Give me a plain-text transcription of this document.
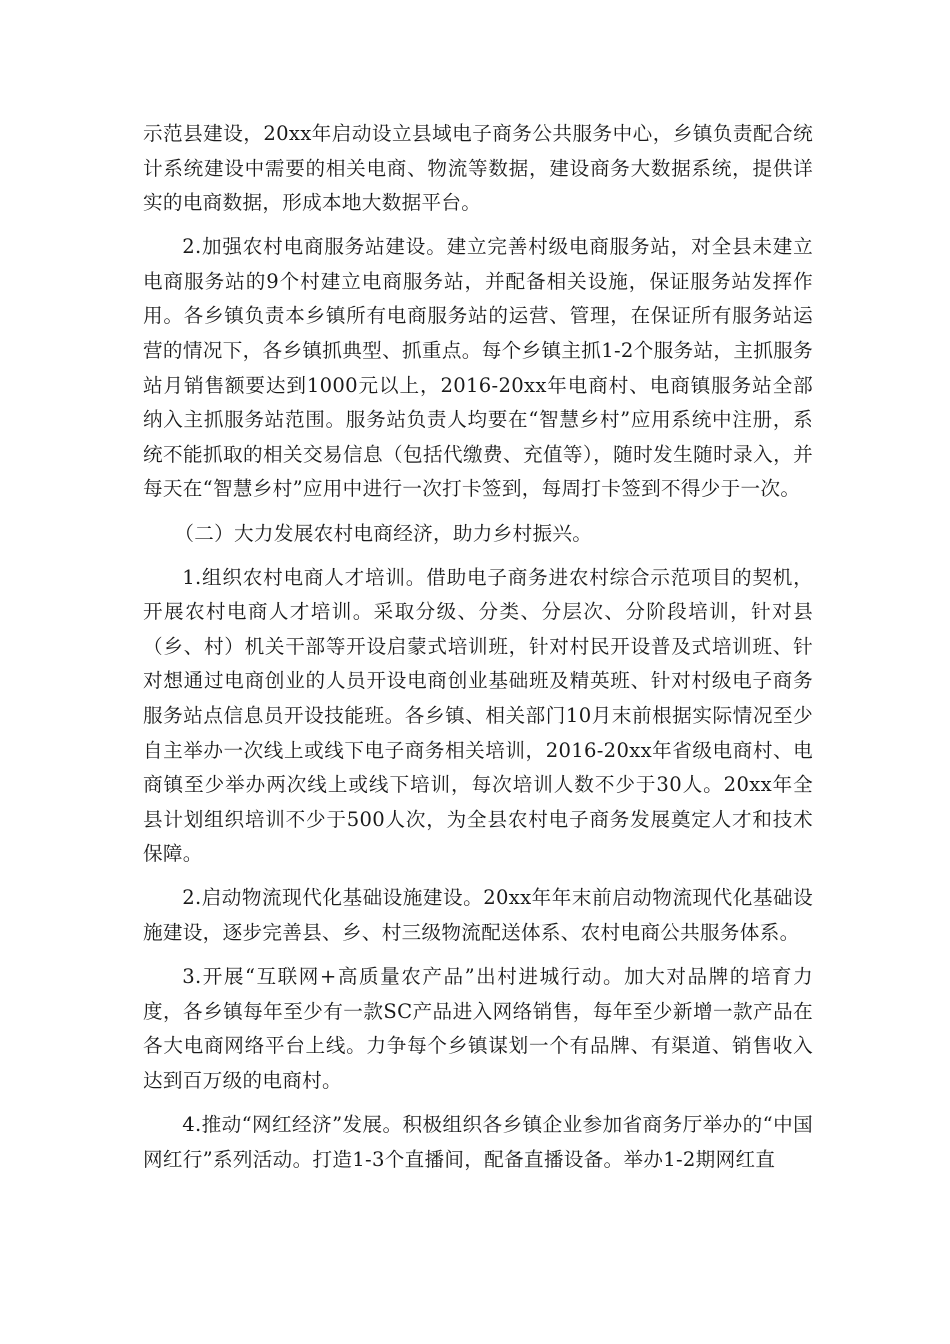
示范县建设，20xx年启动设立县域电子商务公共服务中心，乡镇负责配合统计系统建设中需要的相关电商、物流等数据，建设商务大数据系统，提供详实的电商数据，形成本地大数据平台。

2.加强农村电商服务站建设。建立完善村级电商服务站，对全县未建立电商服务站的9个村建立电商服务站，并配备相关设施，保证服务站发挥作用。各乡镇负责本乡镇所有电商服务站的运营、管理，在保证所有服务站运营的情况下，各乡镇抓典型、抓重点。每个乡镇主抓1-2个服务站，主抓服务站月销售额要达到1000元以上，2016-20xx年电商村、电商镇服务站全部纳入主抓服务站范围。服务站负责人均要在“智慧乡村”应用系统中注册，系统不能抓取的相关交易信息（包括代缴费、充值等），随时发生随时录入，并每天在“智慧乡村”应用中进行一次打卡签到，每周打卡签到不得少于一次。

（二）大力发展农村电商经济，助力乡村振兴。

1.组织农村电商人才培训。借助电子商务进农村综合示范项目的契机，开展农村电商人才培训。采取分级、分类、分层次、分阶段培训，针对县（乡、村）机关干部等开设启蒙式培训班，针对村民开设普及式培训班、针对想通过电商创业的人员开设电商创业基础班及精英班、针对村级电子商务服务站点信息员开设技能班。各乡镇、相关部门10月末前根据实际情况至少自主举办一次线上或线下电子商务相关培训，2016-20xx年省级电商村、电商镇至少举办两次线上或线下培训，每次培训人数不少于30人。20xx年全县计划组织培训不少于500人次，为全县农村电子商务发展奠定人才和技术保障。

2.启动物流现代化基础设施建设。20xx年年末前启动物流现代化基础设施建设，逐步完善县、乡、村三级物流配送体系、农村电商公共服务体系。

3.开展“互联网+高质量农产品”出村进城行动。加大对品牌的培育力度，各乡镇每年至少有一款SC产品进入网络销售，每年至少新增一款产品在各大电商网络平台上线。力争每个乡镇谋划一个有品牌、有渠道、销售收入达到百万级的电商村。

4.推动“网红经济”发展。积极组织各乡镇企业参加省商务厅举办的“中国网红行”系列活动。打造1-3个直播间，配备直播设备。举办1-2期网红直
